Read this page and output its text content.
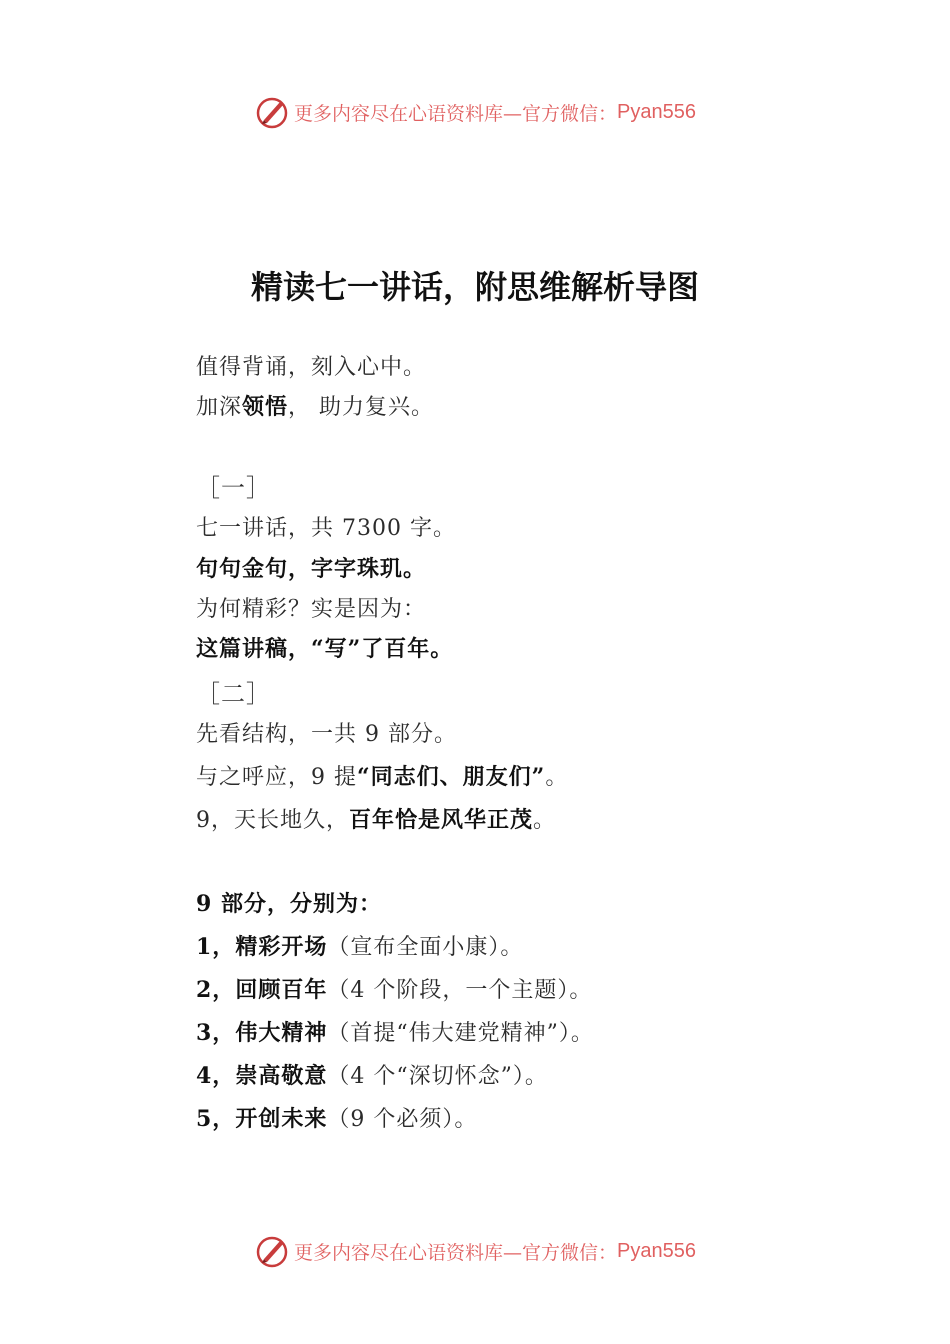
更多内容尽在心语资料库—官方微信： Pyan556
精读七一讲话，附思维解析导图
值得背诵，刻入心中。
加深领悟， 助力复兴。
［一］
七一讲话，共 7300 字。
句句金句，字字珠玑。
为何精彩？实是因为：
这篇讲稿，“写”了百年。
［二］
先看结构，一共 9 部分。
与之呼应，9 提“同志们、朋友们”。
9，天长地久，百年恰是风华正茂。
9 部分，分别为：
1，精彩开场（宣布全面小康）。
2，回顾百年（4 个阶段，一个主题）。
3，伟大精神（首提“伟大建党精神”）。
4，崇高敬意（4 个“深切怀念”）。
5，开创未来（9 个必须）。
更多内容尽在心语资料库—官方微信： Pyan556
